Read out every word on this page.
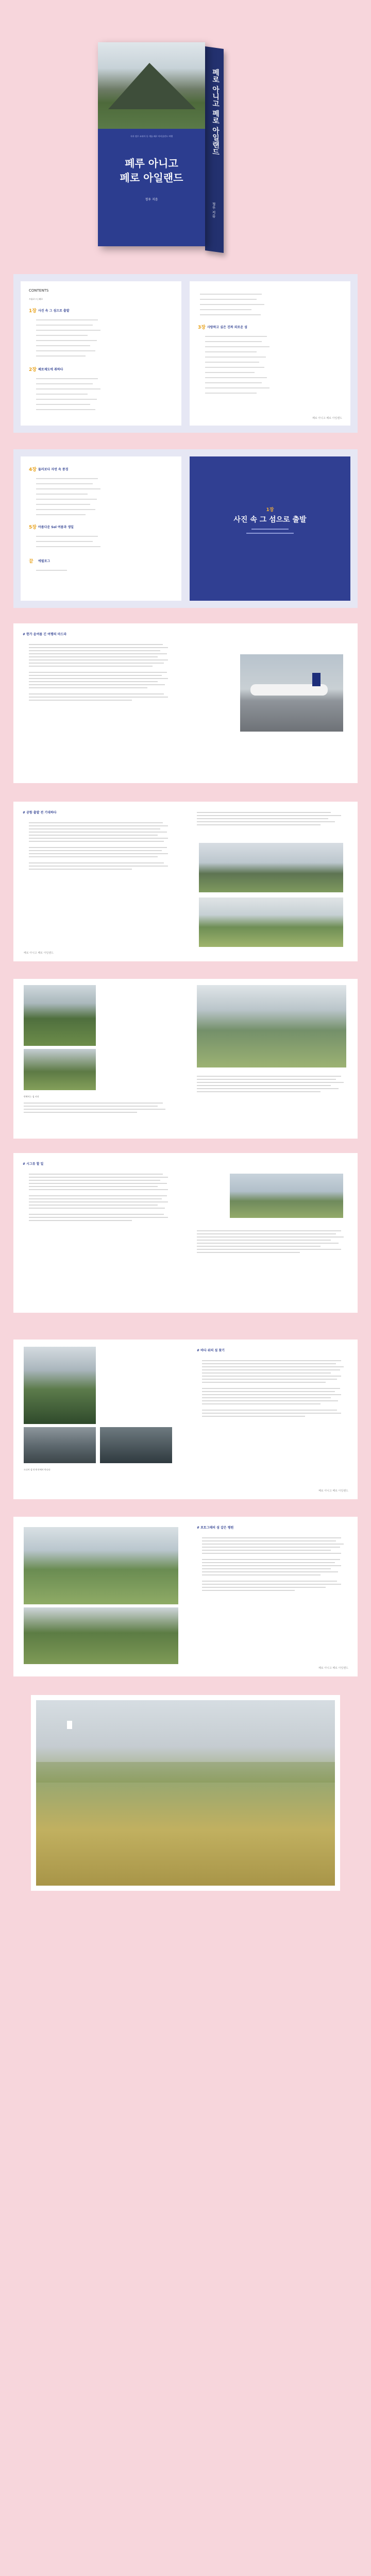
페로 아니고 페로 아일랜드
정우 지음
저자 정우 코리아 등 개를 페로 아이슬란드 여행
페루 아니고
페로 아일랜드
정우 지음
CONTENTS
프롤로그 | 페로
1장 사진 속 그 섬으로 출발
2장 페로제도에 취하다
3장 사랑하고 싶은 진짜 외로운 섬
페로 아니고 페로 아일랜드
4장 둘러보다 자연 속 풍경
5장 아름다운 Sol 여름과 생일
끝 에필로그
1장
사진 속 그 섬으로 출발
# 한가 윤여름 긴 여행의 마드라
# 공항 출발 전 기대하다
페로 아니고 페로 아일랜드
반짝이는 섬 사진
# 시그뮤 할 일
드디어 섬 안개 안에서 만나다
# 바다 위의 섬 찾기
페로 아니고 페로 아일랜드
# 포토그래피 섬 같은 평원
페로 아니고 페로 아일랜드
